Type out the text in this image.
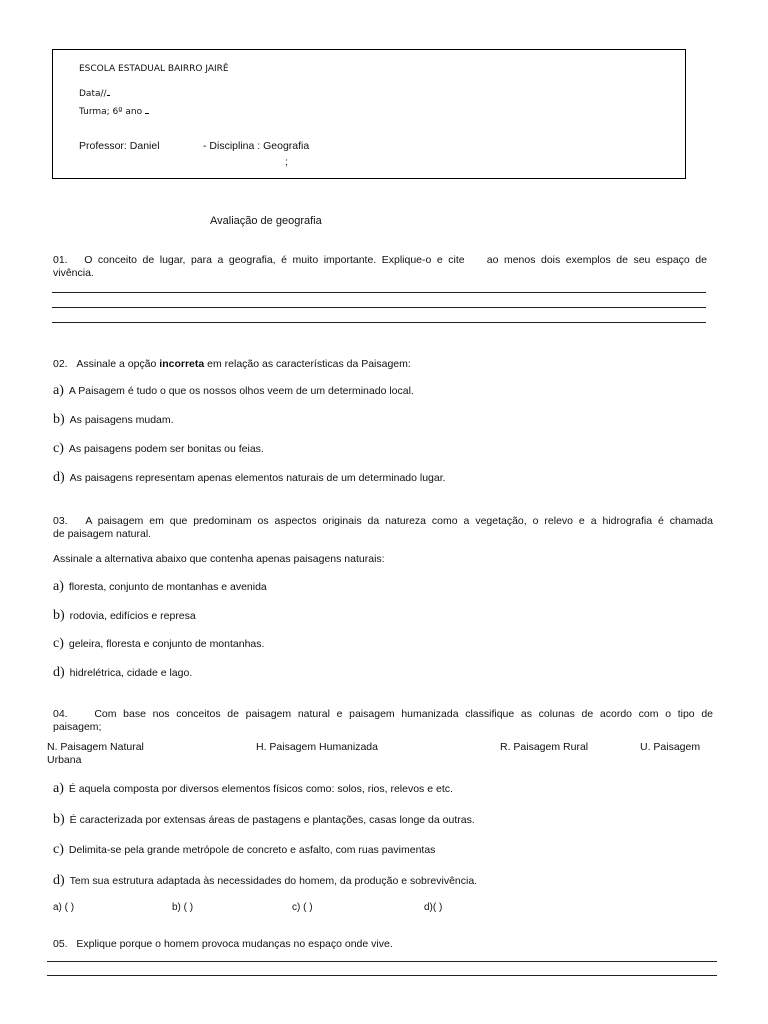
ESCOLA ESTADUAL BAIRRO JAIRÊ
Data//
Turma; 6º ano
Professor: Daniel	- Disciplina : Geografia
;
Avaliação de geografia
01. O conceito de lugar, para a geografia, é muito importante. Explique-o e cite ao menos dois exemplos de seu espaço de
vivência.
02. Assinale a opção incorreta em relação as características da Paisagem:
a) A Paisagem é tudo o que os nossos olhos veem de um determinado local.
b) As paisagens mudam.
c) As paisagens podem ser bonitas ou feias.
d) As paisagens representam apenas elementos naturais de um determinado lugar.
03. A paisagem em que predominam os aspectos originais da natureza como a vegetação, o relevo e a hidrografia é chamada
de paisagem natural.
Assinale a alternativa abaixo que contenha apenas paisagens naturais:
a) floresta, conjunto de montanhas e avenida
b) rodovia, edifícios e represa
c) geleira, floresta e conjunto de montanhas.
d) hidrelétrica, cidade e lago.
04.	Com base nos conceitos de paisagem natural e paisagem humanizada classifique as colunas de acordo com o tipo de
paisagem;
N. Paisagem Natural	H. Paisagem Humanizada	R. Paisagem Rural	U. Paisagem
Urbana
a) É aquela composta por diversos elementos físicos como: solos, rios, relevos e etc.
b) É caracterizada por extensas áreas de pastagens e plantações, casas longe da outras.
c) Delimita-se pela grande metrópole de concreto e asfalto, com ruas pavimentas
d) Tem sua estrutura adaptada às necessidades do homem, da produção e sobrevivência.
a) ( )	b) ( )	c) ( )	d)( )
05. Explique porque o homem provoca mudanças no espaço onde vive.
